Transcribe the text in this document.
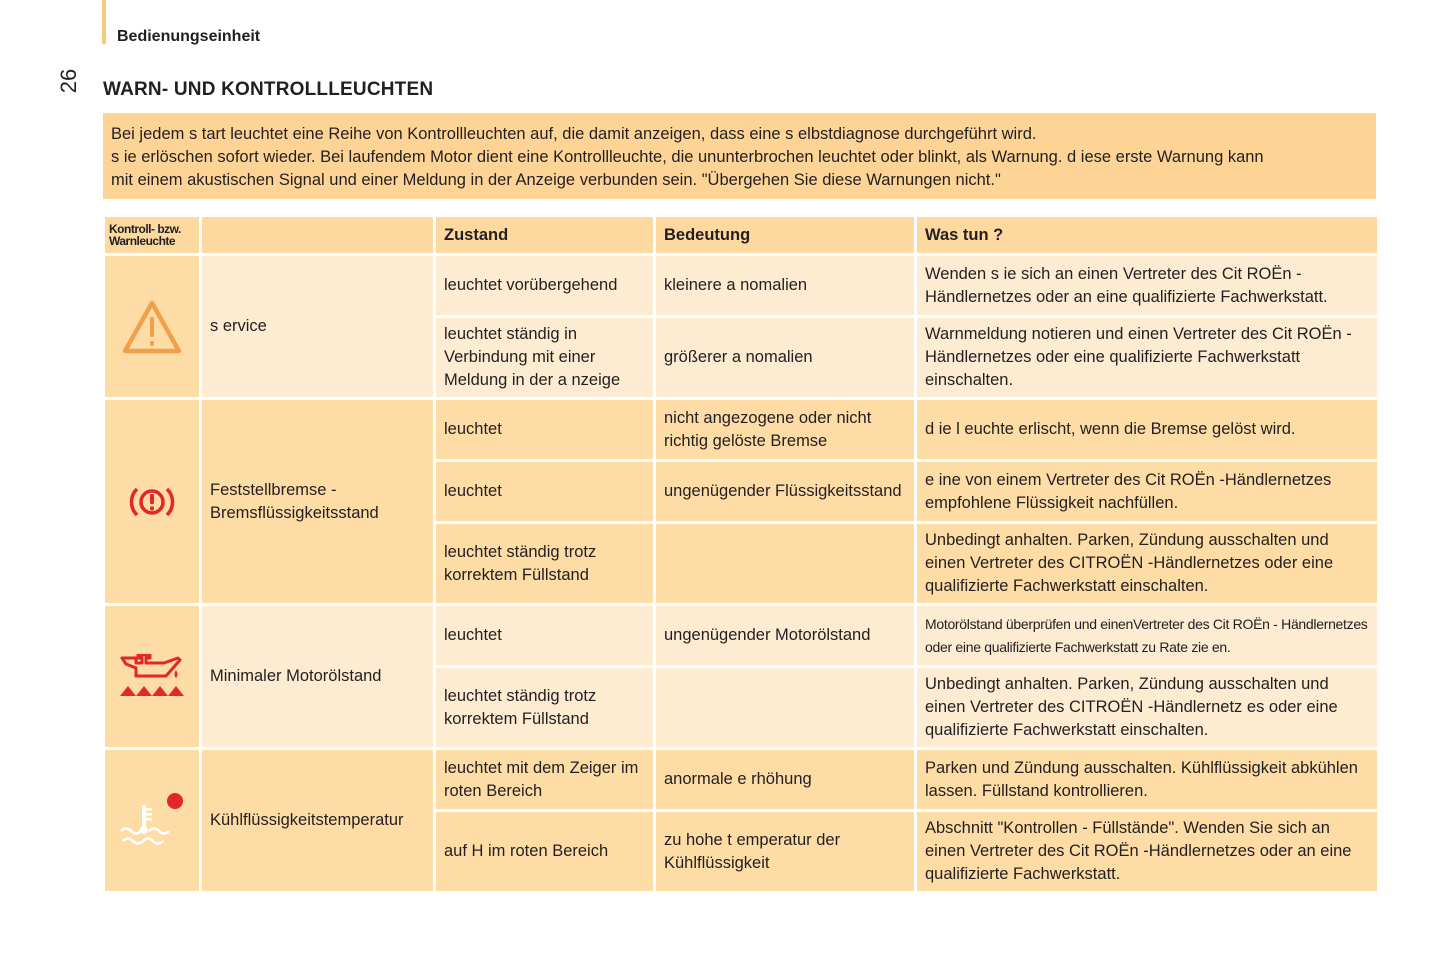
Bedienungseinheit
26 WARN- UND KONTROLLLEUCHTEN

Bei jedem s tart leuchtet eine Reihe von Kontrollleuchten auf, die damit anzeigen, dass eine s elbstdiagnose durchgeführt wird.

s ie erlöschen sofort wieder. Bei laufendem Motor dient eine Kontrollleuchte, die ununterbrochen leuchtet oder blinkt, als Warnung. d iese erste Warnung kann

mit einem akustischen Signal und einer Meldung in der Anzeige verbunden sein. "Übergehen Sie diese Warnungen nicht."

Kontroll- bzw. Warnleuchte		Zustand	Bedeutung	Was tun ?
	s ervice	leuchtet vorübergehend	kleinere a nomalien	Wenden s ie sich an einen Vertreter des Cit ROËn - Händlernetzes oder an eine qualifizierte Fachwerkstatt.
		leuchtet ständig in Verbindung mit einer Meldung in der a nzeige	größerer a nomalien	Warnmeldung notieren und einen Vertreter des Cit ROËn -Händlernetzes oder eine qualifizierte Fachwerkstatt einschalten.
	Feststellbremse - Bremsflüssigkeitsstand	leuchtet	nicht angezogene oder nicht richtig gelöste Bremse	d ie l euchte erlischt, wenn die Bremse gelöst wird.
		leuchtet	ungenügender Flüssigkeitsstand	e ine von einem Vertreter des Cit ROËn -Händlernetzes empfohlene Flüssigkeit nachfüllen.
		leuchtet ständig trotz korrektem Füllstand		Unbedingt anhalten. Parken, Zündung ausschalten und einen Vertreter des CITROËN -Händlernetzes oder eine qualifizierte Fachwerkstatt einschalten.
	Minimaler Motorölstand	leuchtet	ungenügender Motorölstand	Motorölstand überprüfen und einenVertreter des Cit ROËn - Händlernetzes oder eine qualifizierte Fachwerkstatt zu Rate zie en.
		leuchtet ständig trotz korrektem Füllstand		Unbedingt anhalten. Parken, Zündung ausschalten und einen Vertreter des CITROËN -Händlernetz es oder eine qualifizierte Fachwerkstatt einschalten.
	Kühlflüssigkeitstemperatur	leuchtet mit dem Zeiger im roten Bereich	anormale e rhöhung	Parken und Zündung ausschalten. Kühlflüssigkeit abkühlen lassen. Füllstand kontrollieren.
		auf H im roten Bereich	zu hohe t emperatur der Kühlflüssigkeit	Abschnitt "Kontrollen - Füllstände". Wenden Sie sich an einen Vertreter des Cit ROËn -Händlernetzes oder an eine qualifizierte Fachwerkstatt.
